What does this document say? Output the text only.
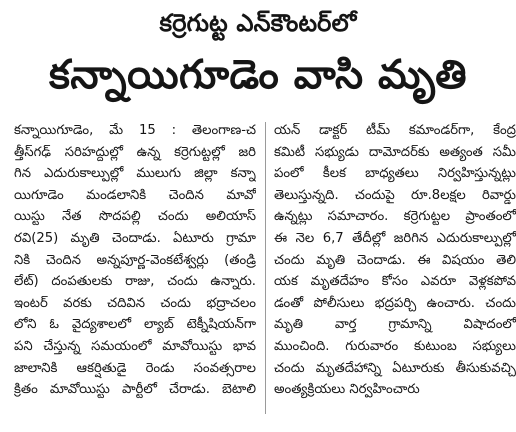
కర్రెగుట్ట ఎన్‌కౌంటర్‌లో
కన్నాయిగూడెం వాసి మృతి
కన్నాయిగూడెం, మే 15 : తెలంగాణ-చ
త్తీస్‌గఢ్‌ సరిహద్దుల్లో ఉన్న కర్రెగుట్టల్లో జరి
గిన ఎదురుకాల్పుల్లో ములుగు జిల్లా కన్నా
యిగూడెం మండలానికి చెందిన మావో
యిస్టు నేత సొదపల్లి చందు అలియాస్‌
రవి(25) మృతి చెందాడు. ఏటూరు గ్రామా
నికి చెందిన అన్నపూర్ణ-వెంకటేశ్వర్లు (తండ్రి
లేట్‌) దంపతులకు రాజు, చందు ఉన్నారు.
ఇంటర్‌ వరకు చదివిన చందు భద్రాచలం
లోని ఓ వైద్యశాలలో ల్యాబ్‌ టెక్నీషియన్‌గా
పని చేస్తున్న సమయంలో మావోయిస్టు భావ
జాలానికి ఆకర్షితుడై రెండు సంవత్సరాల
క్రితం మావోయిస్టు పార్టీలో చేరాడు. బెటాలి
యన్‌ డాక్టర్‌ టీమ్‌ కమాండర్‌గా, కేంద్ర
కమిటీ సభ్యుడు దామోదర్‌కు అత్యంత సమీ
పంలో కీలక బాధ్యతలు నిర్వహిస్తున్నట్లు
తెలుస్తున్నది. చందుపై రూ.8లక్షల రివార్డు
ఉన్నట్లు సమాచారం. కర్రెగుట్టల ప్రాంతంలో
ఈ నెల 6,7 తేదీల్లో జరిగిన ఎదురుకాల్పుల్లో
చందు మృతి చెందాడు. ఈ విషయం తెలి
యక మృతదేహం కోసం ఎవరూ వెళ్లకపోవ
డంతో పోలీసులు భద్రపర్చి ఉంచారు. చందు
మృతి వార్త గ్రామాన్ని విషాదంలో
ముంచింది. గురువారం కుటుంబ సభ్యులు
చందు మృతదేహాన్ని ఏటూరుకు తీసుకువచ్చి
అంత్యక్రియలు నిర్వహించారు
